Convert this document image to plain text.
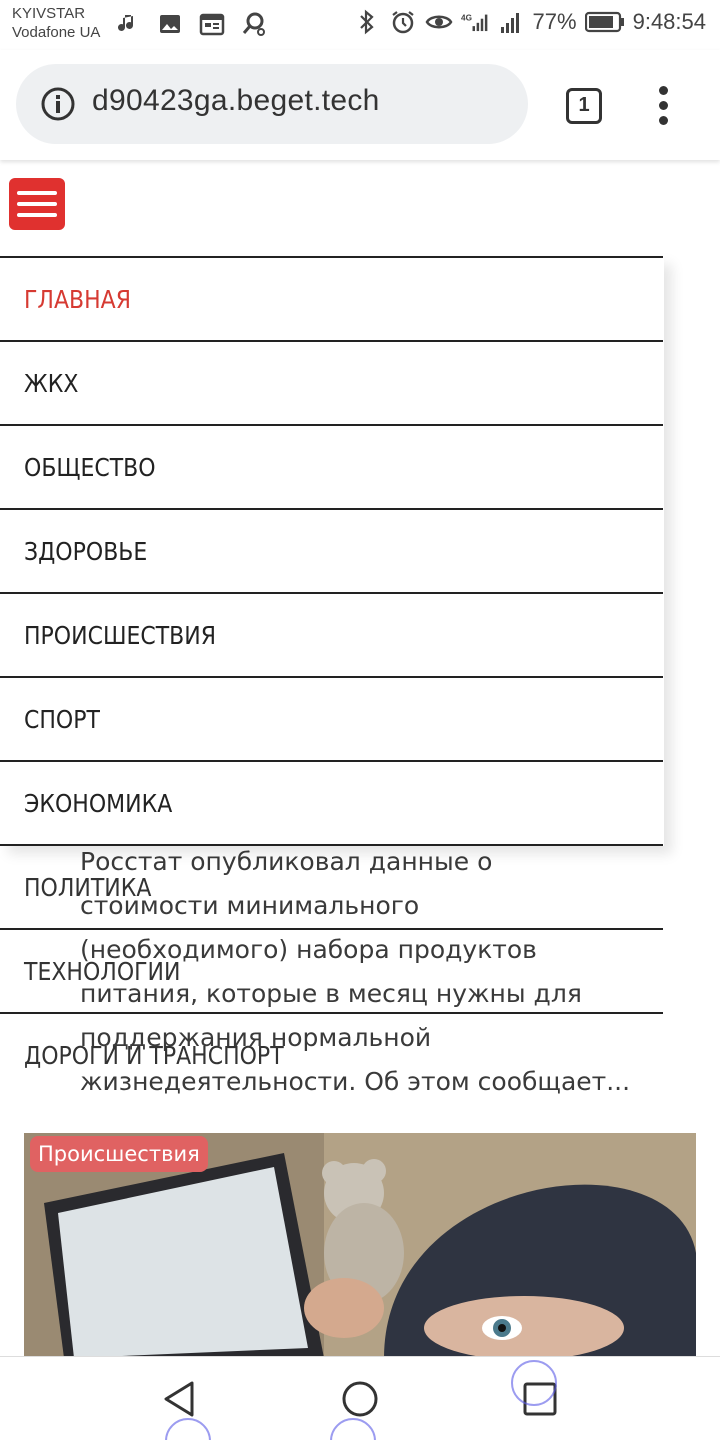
KYIVSTAR
Vodafone UA
4G	77%	9:48:54
d90423ga.beget.tech	1
Росстат опубликовал данные о
стоимости минимального
(необходимого) набора продуктов
питания, которые в месяц нужны для
поддержания нормальной
жизнедеятельности. Об этом сообщает...
Происшествия
ГЛАВНАЯ
ЖКХ
ОБЩЕСТВО
ЗДОРОВЬЕ
ПРОИСШЕСТВИЯ
СПОРТ
ЭКОНОМИКА
ПОЛИТИКА
ТЕХНОЛОГИИ
ДОРОГИ И ТРАНСПОРТ
